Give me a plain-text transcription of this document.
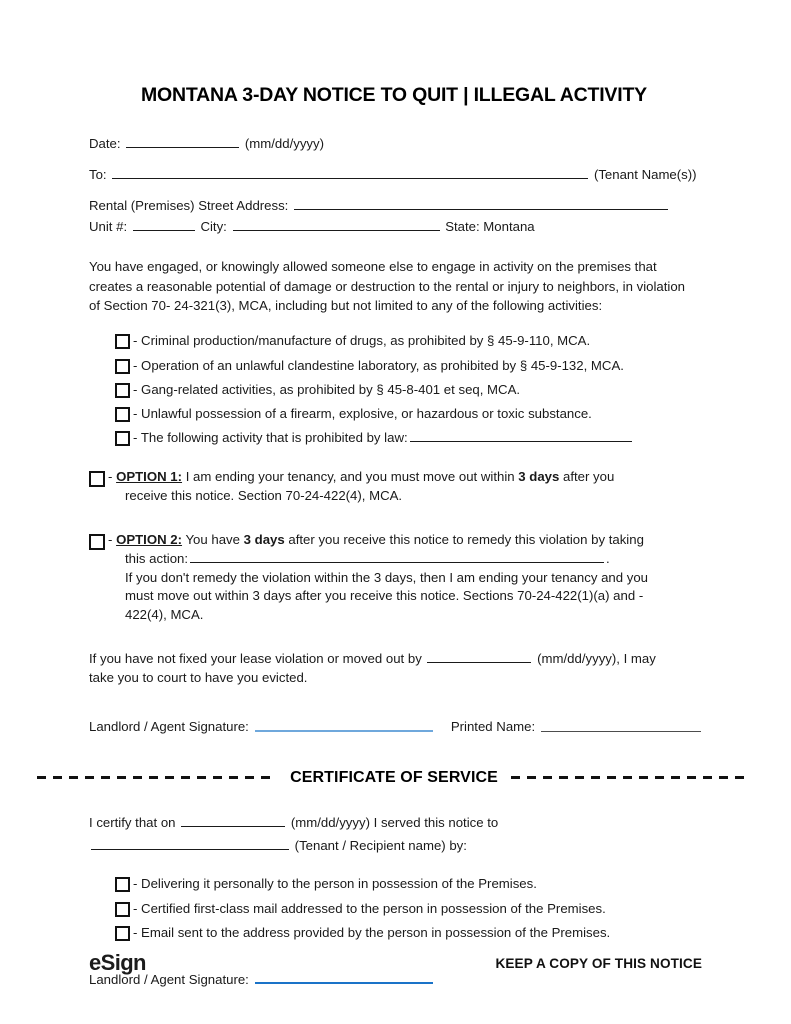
MONTANA 3-DAY NOTICE TO QUIT | ILLEGAL ACTIVITY
Date:	(mm/dd/yyyy)
To:	(Tenant Name(s))
Rental (Premises) Street Address:
Unit #:	City:	State: Montana

You have engaged, or knowingly allowed someone else to engage in activity on the premises that creates a reasonable potential of damage or destruction to the rental or injury to neighbors, in violation of Section 70- 24-321(3), MCA, including but not limited to any of the following activities:

- Criminal production/manufacture of drugs, as prohibited by § 45-9-110, MCA.
- Operation of an unlawful clandestine laboratory, as prohibited by § 45-9-132, MCA.
- Gang-related activities, as prohibited by § 45-8-401 et seq, MCA.
- Unlawful possession of a firearm, explosive, or hazardous or toxic substance.
- The following activity that is prohibited by law:
- OPTION 1: I am ending your tenancy, and you must move out within 3 days after you
receive this notice. Section 70-24-422(4), MCA.
- OPTION 2: You have 3 days after you receive this notice to remedy this violation by taking
this action:	.
If you don't remedy the violation within the 3 days, then I am ending your tenancy and you
must move out within 3 days after you receive this notice. Sections 70-24-422(1)(a) and -
422(4), MCA.
If you have not fixed your lease violation or moved out by	(mm/dd/yyyy), I may
take you to court to have you evicted.
Landlord / Agent Signature:	Printed Name:
CERTIFICATE OF SERVICE
I certify that on	(mm/dd/yyyy) I served this notice to
(Tenant / Recipient name) by:
- Delivering it personally to the person in possession of the Premises.
- Certified first-class mail addressed to the person in possession of the Premises.
- Email sent to the address provided by the person in possession of the Premises.
Landlord / Agent Signature:
eSign	KEEP A COPY OF THIS NOTICE
